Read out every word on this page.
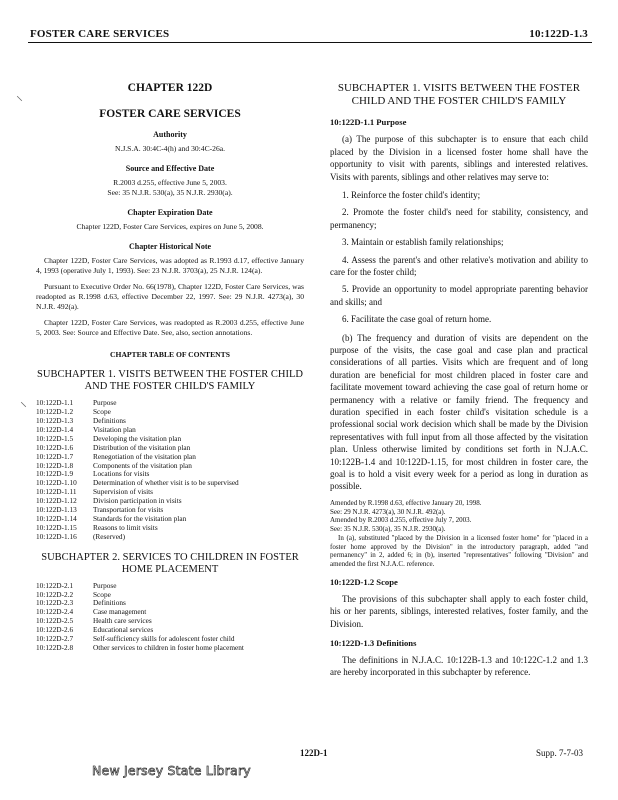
FOSTER CARE SERVICES	10:122D-1.3
⸜
⸜

CHAPTER 122D

FOSTER CARE SERVICES

Authority

N.J.S.A. 30:4C-4(h) and 30:4C-26a.

Source and Effective Date

R.2003 d.255, effective June 5, 2003.

See: 35 N.J.R. 530(a), 35 N.J.R. 2930(a).

Chapter Expiration Date

Chapter 122D, Foster Care Services, expires on June 5, 2008.

Chapter Historical Note

Chapter 122D, Foster Care Services, was adopted as R.1993 d.17, effective January 4, 1993 (operative July 1, 1993). See: 23 N.J.R. 3703(a), 25 N.J.R. 124(a).

Pursuant to Executive Order No. 66(1978), Chapter 122D, Foster Care Services, was readopted as R.1998 d.63, effective December 22, 1997. See: 29 N.J.R. 4273(a), 30 N.J.R. 492(a).

Chapter 122D, Foster Care Services, was readopted as R.2003 d.255, effective June 5, 2003. See: Source and Effective Date. See, also, section annotations.

CHAPTER TABLE OF CONTENTS

SUBCHAPTER 1. VISITS BETWEEN THE FOSTER CHILD AND THE FOSTER CHILD'S FAMILY

10:122D-1.1	Purpose
10:122D-1.2	Scope
10:122D-1.3	Definitions
10:122D-1.4	Visitation plan
10:122D-1.5	Developing the visitation plan
10:122D-1.6	Distribution of the visitation plan
10:122D-1.7	Renegotiation of the visitation plan
10:122D-1.8	Components of the visitation plan
10:122D-1.9	Locations for visits
10:122D-1.10	Determination of whether visit is to be supervised
10:122D-1.11	Supervision of visits
10:122D-1.12	Division participation in visits
10:122D-1.13	Transportation for visits
10:122D-1.14	Standards for the visitation plan
10:122D-1.15	Reasons to limit visits
10:122D-1.16	(Reserved)

SUBCHAPTER 2. SERVICES TO CHILDREN IN FOSTER HOME PLACEMENT

10:122D-2.1	Purpose
10:122D-2.2	Scope
10:122D-2.3	Definitions
10:122D-2.4	Case management
10:122D-2.5	Health care services
10:122D-2.6	Educational services
10:122D-2.7	Self-sufficiency skills for adolescent foster child
10:122D-2.8	Other services to children in foster home placement

SUBCHAPTER 1. VISITS BETWEEN THE FOSTER CHILD AND THE FOSTER CHILD'S FAMILY

10:122D-1.1 Purpose

(a) The purpose of this subchapter is to ensure that each child placed by the Division in a licensed foster home shall have the opportunity to visit with parents, siblings and interested relatives. Visits with parents, siblings and other relatives may serve to:

1. Reinforce the foster child's identity;

2. Promote the foster child's need for stability, consistency, and permanency;

3. Maintain or establish family relationships;

4. Assess the parent's and other relative's motivation and ability to care for the foster child;

5. Provide an opportunity to model appropriate parenting behavior and skills; and

6. Facilitate the case goal of return home.

(b) The frequency and duration of visits are dependent on the purpose of the visits, the case goal and case plan and practical considerations of all parties. Visits which are frequent and of long duration are beneficial for most children placed in foster care and facilitate movement toward achieving the case goal of return home or permanency with a relative or family friend. The frequency and duration specified in each foster child's visitation schedule is a professional social work decision which shall be made by the Division representatives with full input from all those affected by the visitation plan. Unless otherwise limited by conditions set forth in N.J.A.C. 10:122B-1.4 and 10:122D-1.15, for most children in foster care, the goal is to hold a visit every week for a period as long in duration as possible.

Amended by R.1998 d.63, effective January 20, 1998.
See: 29 N.J.R. 4273(a), 30 N.J.R. 492(a).
Amended by R.2003 d.255, effective July 7, 2003.
See: 35 N.J.R. 530(a), 35 N.J.R. 2930(a).
In (a), substituted "placed by the Division in a licensed foster home" for "placed in a foster home approved by the Division" in the introductory paragraph, added "and permanency" in 2, added 6; in (b), inserted "representatives" following "Division" and amended the first N.J.A.C. reference.

10:122D-1.2 Scope

The provisions of this subchapter shall apply to each foster child, his or her parents, siblings, interested relatives, foster family, and the Division.

10:122D-1.3 Definitions

The definitions in N.J.A.C. 10:122B-1.3 and 10:122C-1.2 and 1.3 are hereby incorporated in this subchapter by reference.

122D-1	Supp. 7-7-03
New Jersey State Library
